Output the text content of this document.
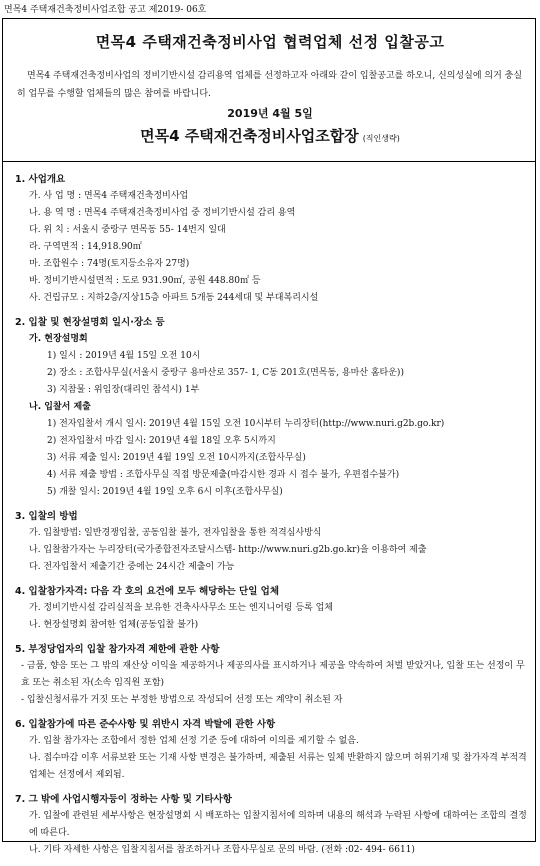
면목4 주택재건축정비사업조합 공고 제2019- 06호
면목4 주택재건축정비사업 협력업체 선정 입찰공고
면목4 주택재건축정비사업의 정비기반시설 감리용역 업체를 선정하고자 아래와 같이 입찰공고를 하오니, 신의성실에 의거 충실히 업무를 수행할 업체들의 많은 참여를 바랍니다.
2019년 4월 5일
면목4 주택재건축정비사업조합장 (직인생략)
1. 사업개요
가. 사 업 명 : 면목4 주택재건축정비사업
나. 용 역 명 : 면목4 주택재건축정비사업 중 정비기반시설 감리 용역
다. 위 치 : 서울시 중랑구 면목동 55- 14번지 일대
라. 구역면적 : 14,918.90㎡
마. 조합원수 : 74명(토지등소유자 27명)
바. 정비기반시설면적 : 도로 931.90㎡, 공원 448.80㎡ 등
사. 건립규모 : 지하2층/지상15층 아파트 5개동 244세대 및 부대복리시설
2. 입찰 및 현장설명회 일시·장소 등
가. 현장설명회
1) 일시 : 2019년 4월 15일 오전 10시
2) 장소 : 조합사무실(서울시 중랑구 용마산로 357- 1, C동 201호(면목동, 용마산 홈타운))
3) 지참물 : 위임장(대리인 참석시) 1부
나. 입찰서 제출
1) 전자입찰서 개시 일시: 2019년 4월 15일 오전 10시부터 누리장터(http://www.nuri.g2b.go.kr)
2) 전자입찰서 마감 일시: 2019년 4월 18일 오후 5시까지
3) 서류 제출 일시: 2019년 4월 19일 오전 10시까지(조합사무실)
4) 서류 제출 방법 : 조합사무실 직접 방문제출(마감시한 경과 시 접수 불가, 우편접수불가)
5) 개찰 일시: 2019년 4월 19일 오후 6시 이후(조합사무실)
3. 입찰의 방법
가. 입찰방법: 일반경쟁입찰, 공동입찰 불가, 전자입찰을 통한 적격심사방식
나. 입찰참가자는 누리장터(국가종합전자조달시스템- http://www.nuri.g2b.go.kr)을 이용하여 제출
다. 전자입찰서 제출기간 중에는 24시간 제출이 가능
4. 입찰참가자격: 다음 각 호의 요건에 모두 해당하는 단일 업체
가. 정비기반시설 감리실적을 보유한 건축사사무소 또는 엔지니어링 등록 업체
나. 현장설명회 참여한 업체(공동입찰 불가)
5. 부정당업자의 입찰 참가자격 제한에 관한 사항
- 금품, 향응 또는 그 밖의 재산상 이익을 제공하거나 제공의사를 표시하거나 제공을 약속하여 처벌 받았거나, 입찰 또는 선정이 무효 또는 취소된 자(소속 임직원 포함)
- 입찰신청서류가 거짓 또는 부정한 방법으로 작성되어 선정 또는 계약이 취소된 자
6. 입찰참가에 따른 준수사항 및 위반시 자격 박탈에 관한 사항
가. 입찰 참가자는 조합에서 정한 업체 선정 기준 등에 대하여 이의를 제기할 수 없음.
나. 접수마감 이후 서류보완 또는 기재 사항 변경은 불가하며, 제출된 서류는 일체 반환하지 않으며 허위기재 및 참가자격 부적격 업체는 선정에서 제외됨.
7. 그 밖에 사업시행자등이 정하는 사항 및 기타사항
가. 입찰에 관련된 세부사항은 현장설명회 시 배포하는 입찰지침서에 의하며 내용의 해석과 누락된 사항에 대하여는 조합의 결정에 따른다.
나. 기타 자세한 사항은 입찰지침서를 참조하거나 조합사무실로 문의 바람. (전화 :02- 494- 6611)
